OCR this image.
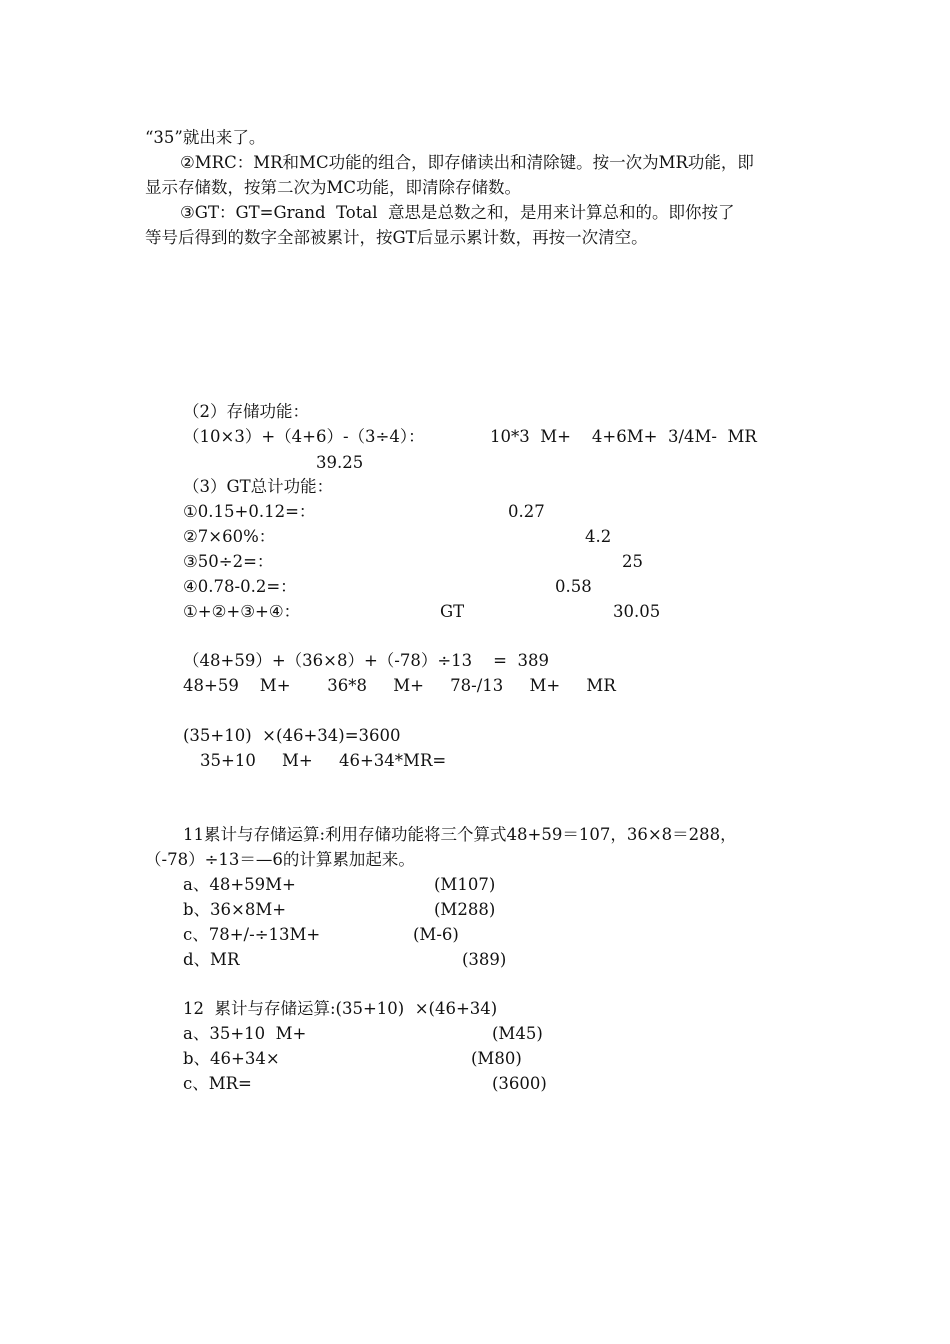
“35”就出来了。
②MRC：MR和MC功能的组合，即存储读出和清除键。按一次为MR功能，即
显示存储数，按第二次为MC功能，即清除存储数。
③GT：GT=Grand  Total  意思是总数之和，是用来计算总和的。即你按了
等号后得到的数字全部被累计，按GT后显示累计数，再按一次清空。
（2）存储功能：
（10×3）+（4+6）-（3÷4）：	10*3  M+    4+6M+  3/4M-  MR
39.25
（3）GT总计功能：
①0.15+0.12=：	0.27
②7×60%：	4.2
③50÷2=：	25
④0.78-0.2=：	0.58
①+②+③+④：	GT	30.05
（48+59）+（36×8）+（-78）÷13    =  389
48+59    M+       36*8     M+     78-/13     M+     MR
(35+10)  ×(46+34)=3600
35+10     M+     46+34*MR=
11累计与存储运算:利用存储功能将三个算式48+59＝107，36×8＝288，
（-78）÷13＝—6的计算累加起来。
a、48+59M+	(M107)
b、36×8M+	(M288)
c、78+/-÷13M+	(M-6)
d、MR	(389)
12  累计与存储运算:(35+10)  ×(46+34)
a、35+10  M+	(M45)
b、46+34×	(M80)
c、MR=	(3600)
